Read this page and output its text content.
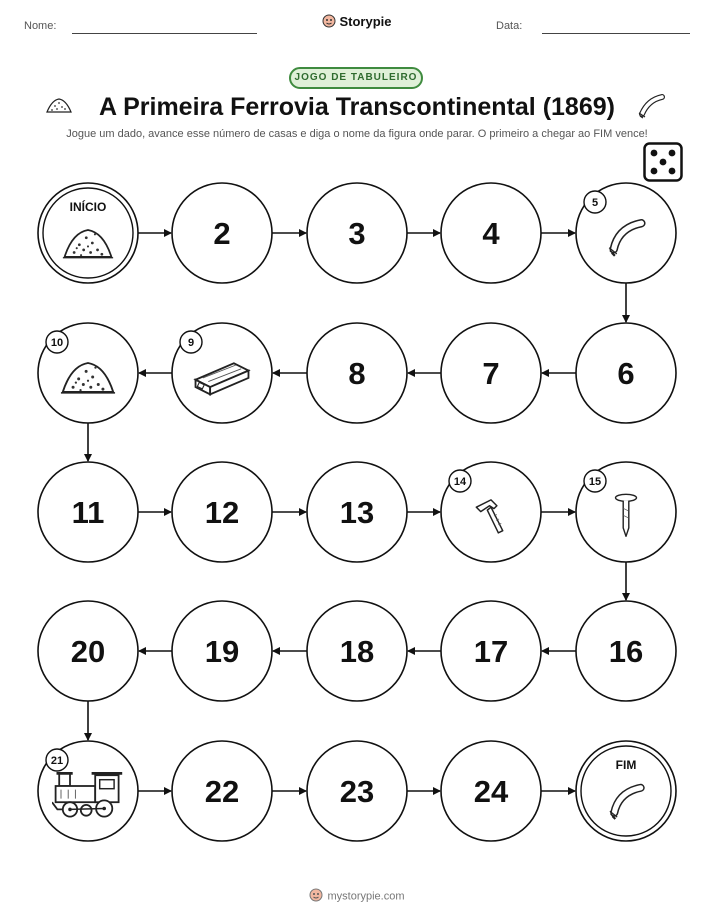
Nome:	Storypie	Data:
JOGO DE TABULEIRO
A Primeira Ferrovia Transcontinental (1869)
Jogue um dado, avance esse número de casas e diga o nome da figura onde parar. O primeiro a chegar ao FIM vence!
INÍCIO
2	3	4
5
6
7
8
9
10
11	12	13
14	15
16
17
18
19
20
21
22	23	24
FIM
mystorypie.com
